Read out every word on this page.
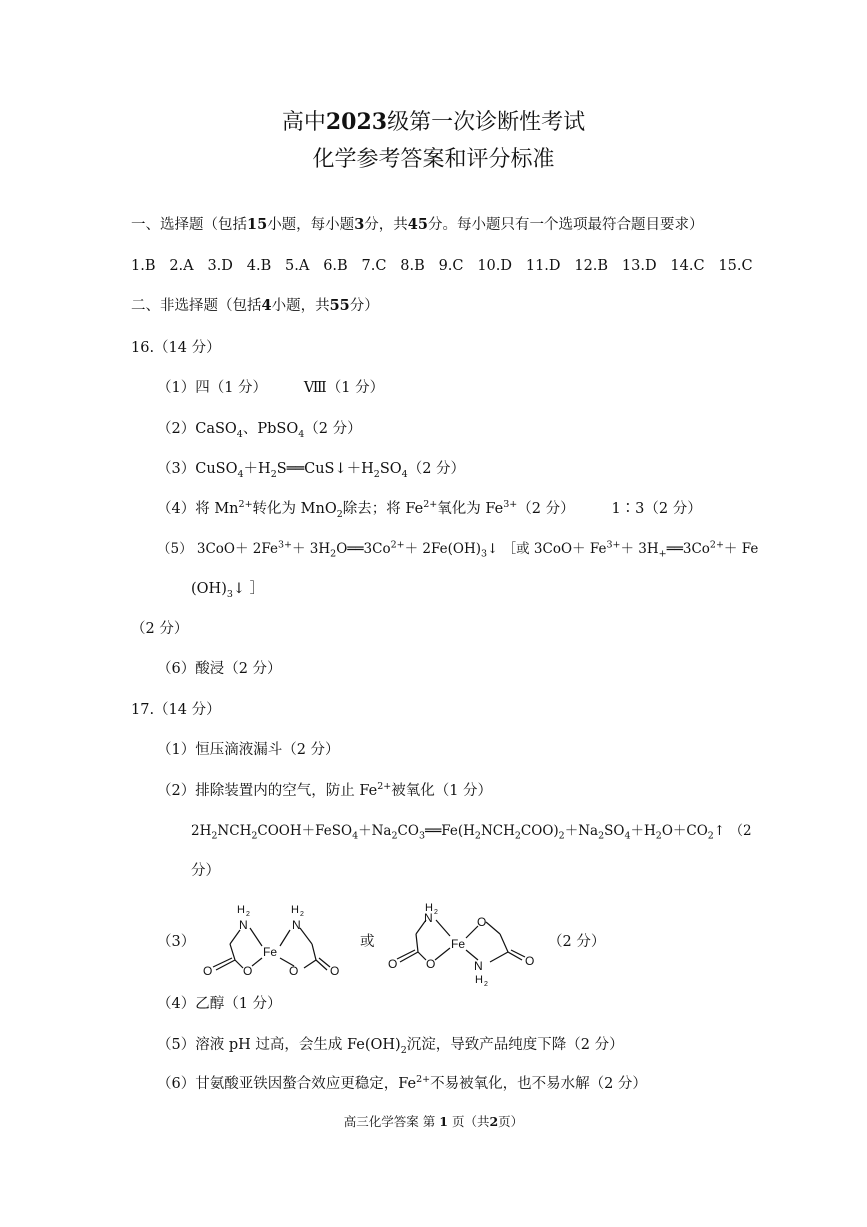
高中2023级第一次诊断性考试
化学参考答案和评分标准
一、选择题（包括15小题，每小题3分，共45分。每小题只有一个选项最符合题目要求）
1.B   2.A   3.D   4.B   5.A   6.B   7.C   8.B   9.C   10.D   11.D   12.B   13.D   14.C   15.C
二、非选择题（包括4小题，共55分）
16.（14 分）
（1）四（1 分）        Ⅷ（1 分）
（2）CaSO$_4$、PbSO$_4$（2 分）
$(3)CuSO_4+H_2S══CuS↓+H_2SO_4(2$ 分）
（4）将 $Mn^{2+}$转化为 MnO$_2$除去；将 $Fe^{2+}$氧化为 $Fe^{3+}(2$ 分）        1∶3（2 分）
（5） $3CoO+ 2Fe^{3+}+$ $3H_2O══3Co^{2+}+$ $2Fe(OH)_3↓$ ［或 $3CoO+ Fe^{3+}+$ $3H_+══3Co^{2+}+ Fe$
$(OH)_3↓$ ］
（2 分）
（6）酸浸（2 分）
17.（14 分）
（1）恒压滴液漏斗（2 分）
（2）排除装置内的空气，防止 $Fe^{2+}$被氧化（1 分）
$2H_2NCH_2COOH+FeSO_4+Na_2CO_3══Fe(H_2NCH_2COO)_2+Na_2SO_4+H_2O+CO_2↑$ （2
分）
（3）
H 2
N
H 2
N
Fe
O
O	O	O
或
H 2
N
Fe
O
O
O	N
H 2
O
（2 分）
（4）乙醇（1 分）
（5）溶液 pH 过高，会生成 $Fe(OH)_2$沉淀，导致产品纯度下降（2 分）
（6）甘氨酸亚铁因螯合效应更稳定，$Fe^{2+}$不易被氧化，也不易水解（2 分）
高三化学答案 第 1 页（共2页）
